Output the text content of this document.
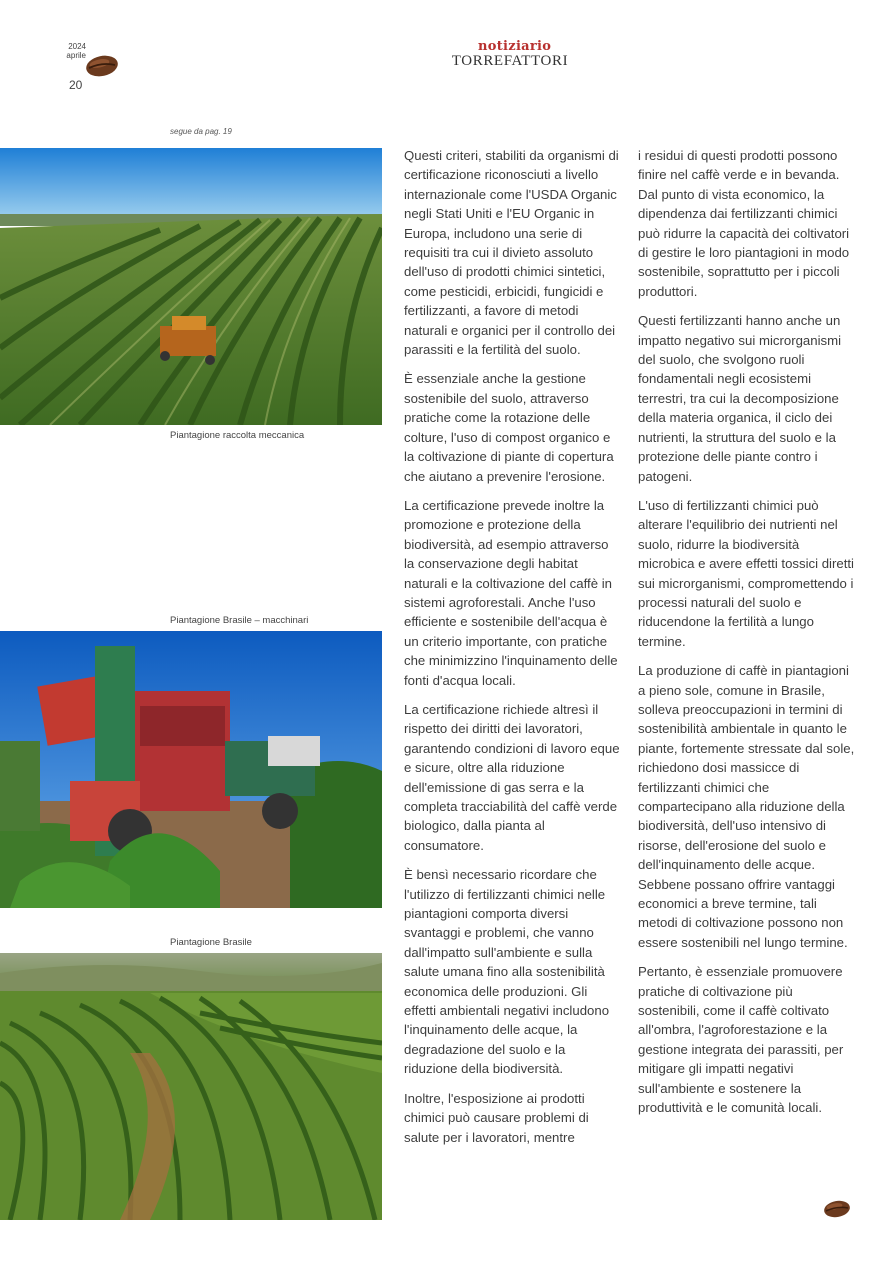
2024
aprile
20
notiziario
TORREFATTORI
segue da pag. 19
Piantagione raccolta meccanica
Piantagione Brasile – macchinari
Piantagione Brasile

Questi criteri, stabiliti da organismi di certificazione riconosciuti a livello internazionale come l'USDA Organic negli Stati Uniti e l'EU Organic in Europa, includono una serie di requisiti tra cui il divieto assoluto dell'uso di prodotti chimici sintetici, come pesticidi, erbicidi, fungicidi e fertilizzanti, a favore di metodi naturali e organici per il controllo dei parassiti e la fertilità del suolo.

È essenziale anche la gestione sostenibile del suolo, attraverso pratiche come la rotazione delle colture, l'uso di compost organico e la coltivazione di piante di copertura che aiutano a prevenire l'erosione.

La certificazione prevede inoltre la promozione e protezione della biodiversità, ad esempio attraverso la conservazione degli habitat naturali e la coltivazione del caffè in sistemi agroforestali. Anche l'uso efficiente e sostenibile dell'acqua è un criterio importante, con pratiche che minimizzino l'inquinamento delle fonti d'acqua locali.

La certificazione richiede altresì il rispetto dei diritti dei lavoratori, garantendo condizioni di lavoro eque e sicure, oltre alla riduzione dell'emissione di gas serra e la completa tracciabilità del caffè verde biologico, dalla pianta al consumatore.

È bensì necessario ricordare che l'utilizzo di fertilizzanti chimici nelle piantagioni comporta diversi svantaggi e problemi, che vanno dall'impatto sull'ambiente e sulla salute umana fino alla sostenibilità economica delle produzioni. Gli effetti ambientali negativi includono l'inquinamento delle acque, la degradazione del suolo e la riduzione della biodiversità.

Inoltre, l'esposizione ai prodotti chimici può causare problemi di salute per i lavoratori, mentre

i residui di questi prodotti possono finire nel caffè verde e in bevanda. Dal punto di vista economico, la dipendenza dai fertilizzanti chimici può ridurre la capacità dei coltivatori di gestire le loro piantagioni in modo sostenibile, soprattutto per i piccoli produttori.

Questi fertilizzanti hanno anche un impatto negativo sui microrganismi del suolo, che svolgono ruoli fondamentali negli ecosistemi terrestri, tra cui la decomposizione della materia organica, il ciclo dei nutrienti, la struttura del suolo e la protezione delle piante contro i patogeni.

L'uso di fertilizzanti chimici può alterare l'equilibrio dei nutrienti nel suolo, ridurre la biodiversità microbica e avere effetti tossici diretti sui microrganismi, compromettendo i processi naturali del suolo e riducendone la fertilità a lungo termine.

La produzione di caffè in piantagioni a pieno sole, comune in Brasile, solleva preoccupazioni in termini di sostenibilità ambientale in quanto le piante, fortemente stressate dal sole, richiedono dosi massicce di fertilizzanti chimici che compartecipano alla riduzione della biodiversità, dell'uso intensivo di risorse, dell'erosione del suolo e dell'inquinamento delle acque. Sebbene possano offrire vantaggi economici a breve termine, tali metodi di coltivazione possono non essere sostenibili nel lungo termine.

Pertanto, è essenziale promuovere pratiche di coltivazione più sostenibili, come il caffè coltivato all'ombra, l'agroforestazione e la gestione integrata dei parassiti, per mitigare gli impatti negativi sull'ambiente e sostenere la produttività e le comunità locali.
